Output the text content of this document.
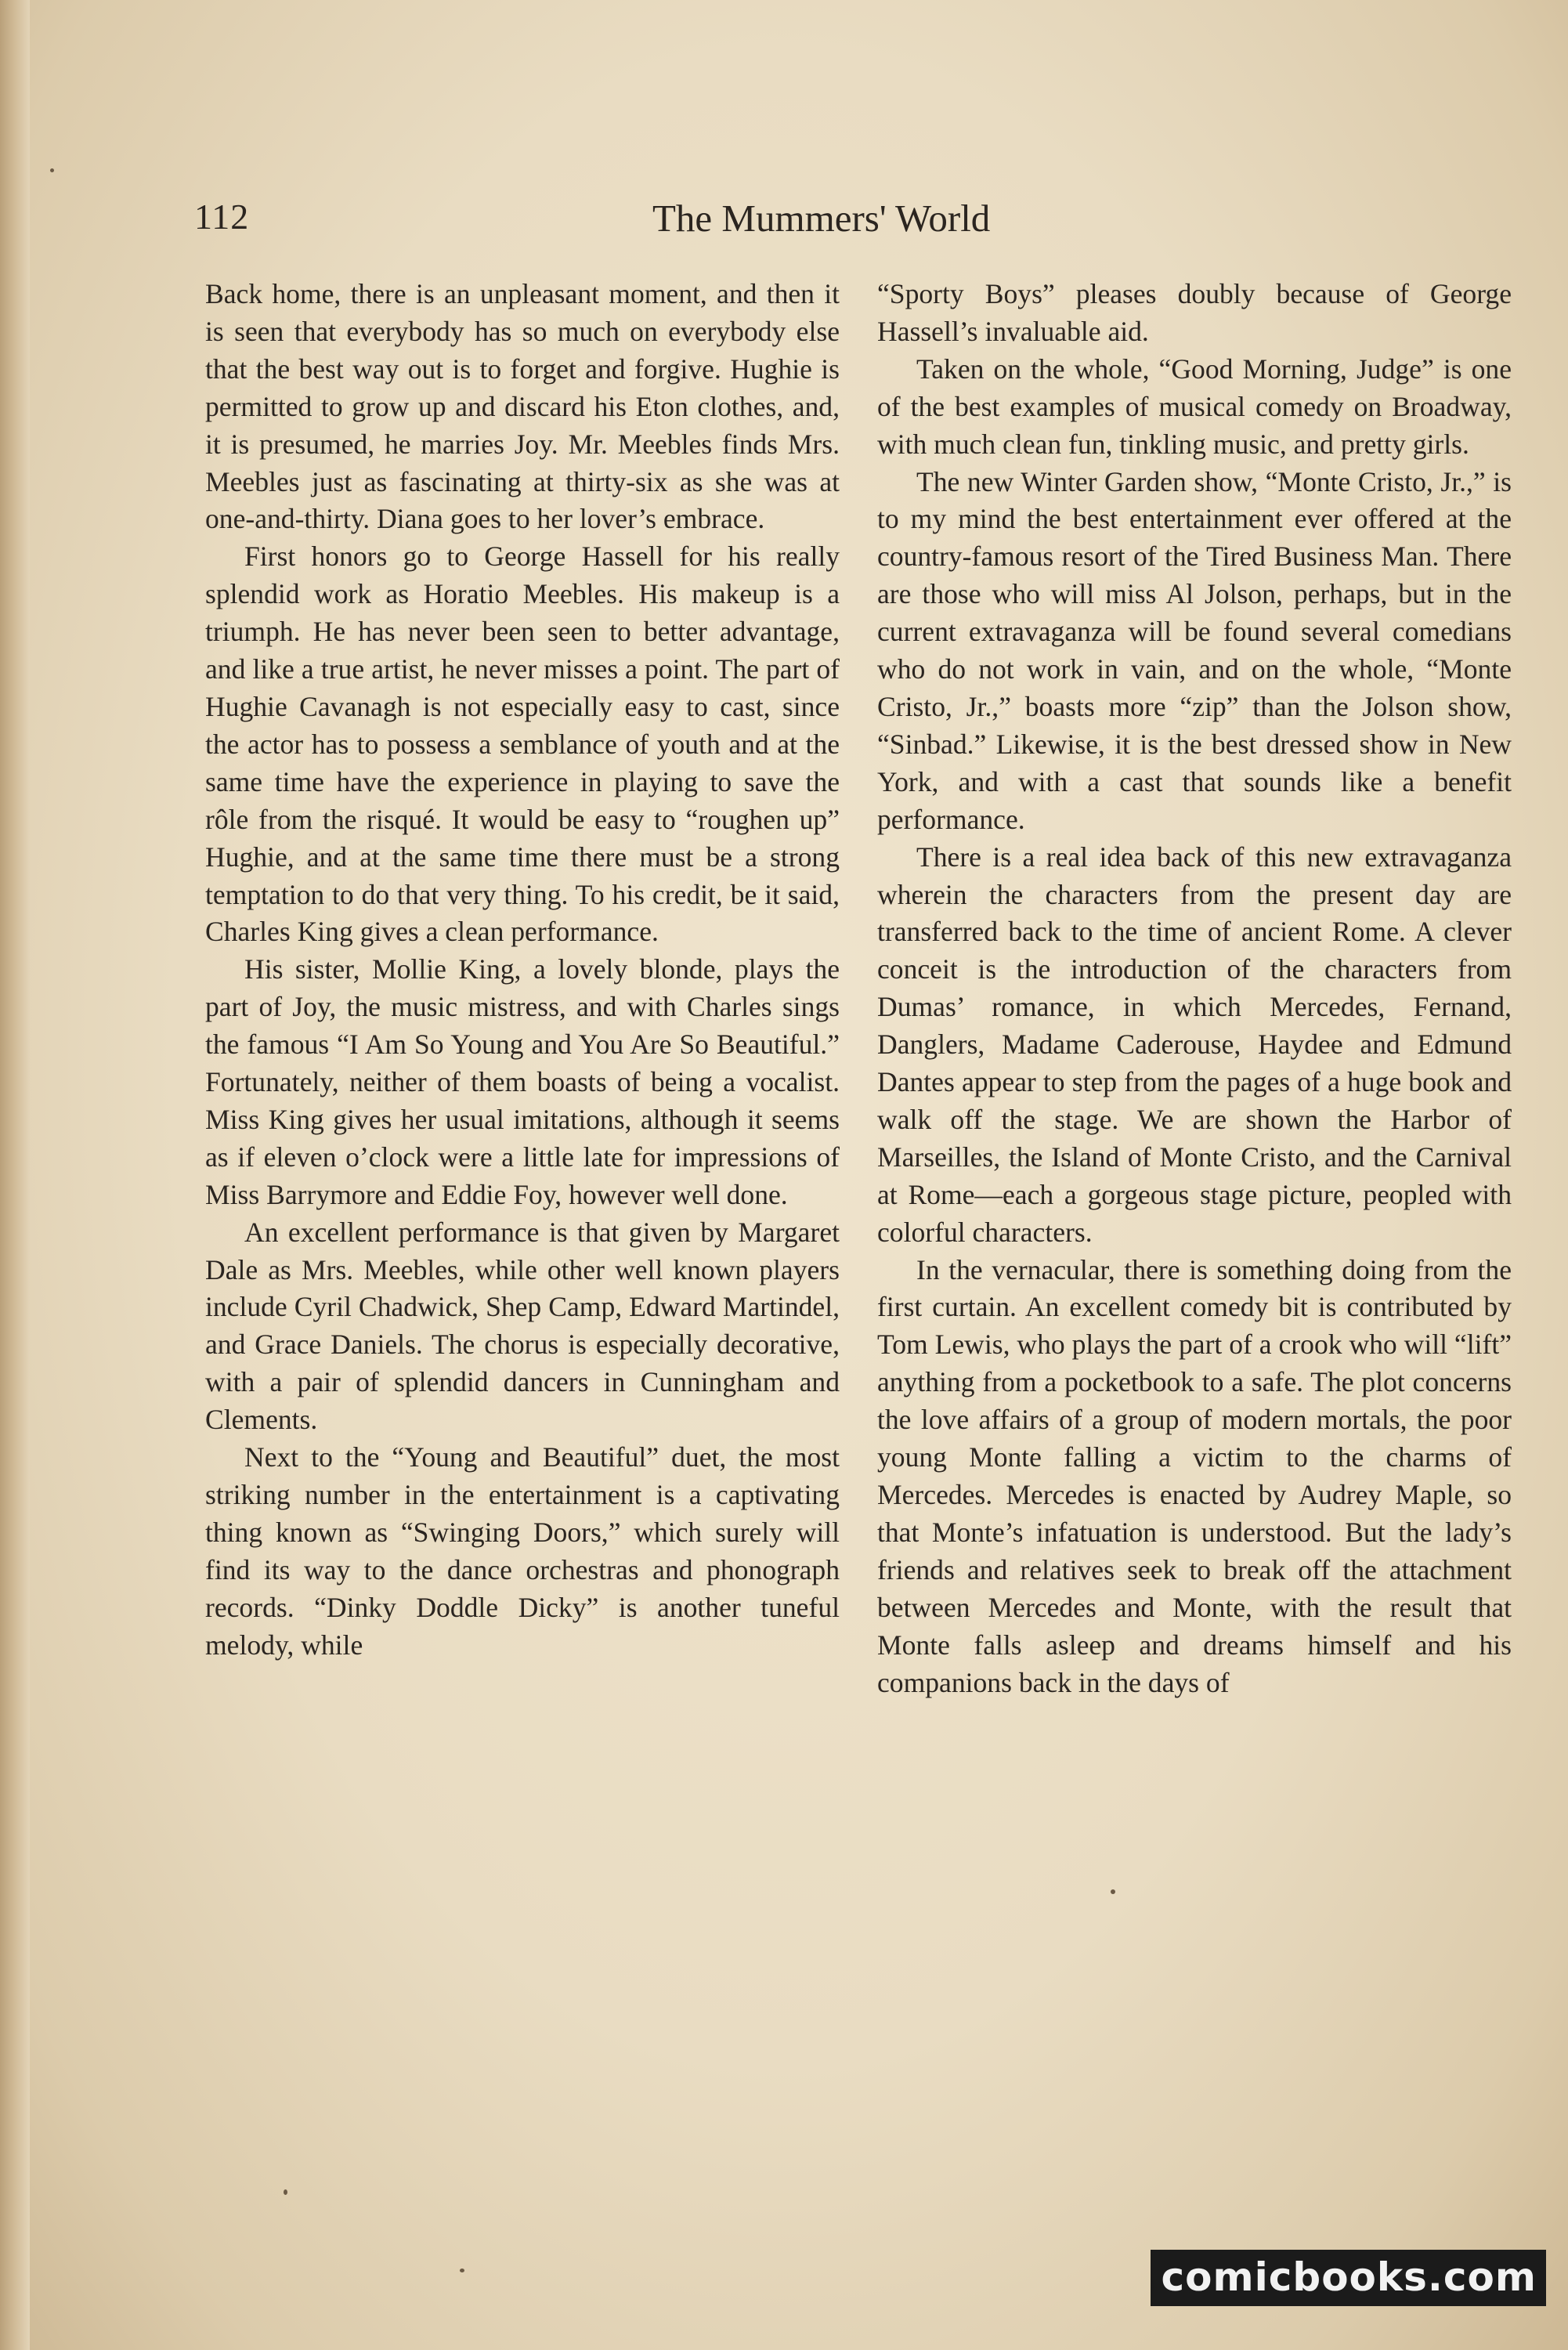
112	The Mummers' World

Back home, there is an unpleasant moment, and then it is seen that everybody has so much on everybody else that the best way out is to forget and forgive. Hughie is permitted to grow up and discard his Eton clothes, and, it is presumed, he marries Joy. Mr. Meebles finds Mrs. Meebles just as fascinating at thirty-six as she was at one-and-thirty. Diana goes to her lover’s embrace.

First honors go to George Hassell for his really splendid work as Horatio Meebles. His makeup is a triumph. He has never been seen to better advantage, and like a true artist, he never misses a point. The part of Hughie Cavanagh is not especially easy to cast, since the actor has to possess a semblance of youth and at the same time have the experience in playing to save the rôle from the risqué. It would be easy to “roughen up” Hughie, and at the same time there must be a strong temptation to do that very thing. To his credit, be it said, Charles King gives a clean performance.

His sister, Mollie King, a lovely blonde, plays the part of Joy, the music mistress, and with Charles sings the famous “I Am So Young and You Are So Beautiful.” Fortunately, neither of them boasts of being a vocalist. Miss King gives her usual imitations, although it seems as if eleven o’clock were a little late for impressions of Miss Barrymore and Eddie Foy, however well done.

An excellent performance is that given by Margaret Dale as Mrs. Meebles, while other well known players include Cyril Chadwick, Shep Camp, Edward Martindel, and Grace Daniels. The chorus is especially decorative, with a pair of splendid dancers in Cunningham and Clements.

Next to the “Young and Beautiful” duet, the most striking number in the entertainment is a captivating thing known as “Swinging Doors,” which surely will find its way to the dance orchestras and phonograph records. “Dinky Doddle Dicky” is another tuneful melody, while

“Sporty Boys” pleases doubly because of George Hassell’s invaluable aid.

Taken on the whole, “Good Morning, Judge” is one of the best examples of musical comedy on Broadway, with much clean fun, tinkling music, and pretty girls.

The new Winter Garden show, “Monte Cristo, Jr.,” is to my mind the best entertainment ever offered at the country-famous resort of the Tired Business Man. There are those who will miss Al Jolson, perhaps, but in the current extravaganza will be found several comedians who do not work in vain, and on the whole, “Monte Cristo, Jr.,” boasts more “zip” than the Jolson show, “Sinbad.” Likewise, it is the best dressed show in New York, and with a cast that sounds like a benefit performance.

There is a real idea back of this new extravaganza wherein the characters from the present day are transferred back to the time of ancient Rome. A clever conceit is the introduction of the characters from Dumas’ romance, in which Mercedes, Fernand, Danglers, Madame Caderouse, Haydee and Edmund Dantes appear to step from the pages of a huge book and walk off the stage. We are shown the Harbor of Marseilles, the Island of Monte Cristo, and the Carnival at Rome—each a gorgeous stage picture, peopled with colorful characters.

In the vernacular, there is something doing from the first curtain. An excellent comedy bit is contributed by Tom Lewis, who plays the part of a crook who will “lift” anything from a pocketbook to a safe. The plot concerns the love affairs of a group of modern mortals, the poor young Monte falling a victim to the charms of Mercedes. Mercedes is enacted by Audrey Maple, so that Monte’s infatuation is understood. But the lady’s friends and relatives seek to break off the attachment between Mercedes and Monte, with the result that Monte falls asleep and dreams himself and his companions back in the days of

comicbooks.com
